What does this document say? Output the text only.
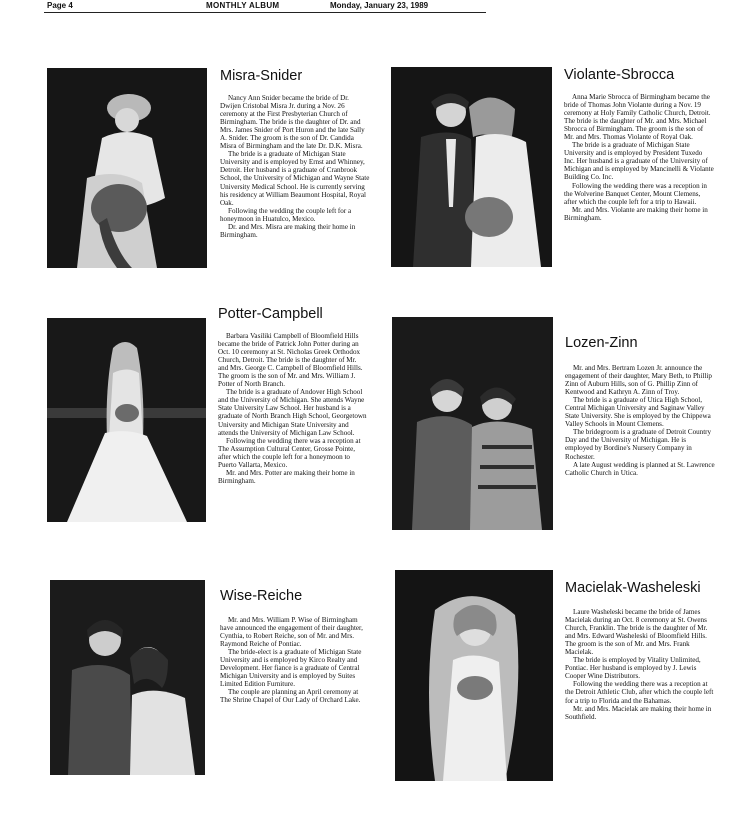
Page 4	MONTHLY ALBUM	Monday, January 23, 1989
Misra-Snider

Nancy Ann Snider became the bride of Dr. Dwijen Cristobal Misra Jr. during a Nov. 26 ceremony at the First Presbyterian Church of Birmingham. The bride is the daughter of Dr. and Mrs. James Snider of Port Huron and the late Sally A. Snider. The groom is the son of Dr. Candida Misra of Birmingham and the late Dr. D.K. Misra.

The bride is a graduate of Michigan State University and is employed by Ernst and Whinney, Detroit. Her husband is a graduate of Cranbrook School, the University of Michigan and Wayne State University Medical School. He is currently serving his residency at William Beaumont Hospital, Royal Oak.

Following the wedding the couple left for a honeymoon in Huatulco, Mexico.

Dr. and Mrs. Misra are making their home in Birmingham.

Violante-Sbrocca

Anna Marie Sbrocca of Birmingham became the bride of Thomas John Violante during a Nov. 19 ceremony at Holy Family Catholic Church, Detroit. The bride is the daughter of Mr. and Mrs. Michael Sbrocca of Birmingham. The groom is the son of Mr. and Mrs. Thomas Violante of Royal Oak.

The bride is a graduate of Michigan State University and is employed by President Tuxedo Inc. Her husband is a graduate of the University of Michigan and is employed by Mancinelli & Violante Building Co. Inc.

Following the wedding there was a reception in the Wolverine Banquet Center, Mount Clemens, after which the couple left for a trip to Hawaii.

Mr. and Mrs. Violante are making their home in Birmingham.

Potter-Campbell

Barbara Vasiliki Campbell of Bloomfield Hills became the bride of Patrick John Potter during an Oct. 10 ceremony at St. Nicholas Greek Orthodox Church, Detroit. The bride is the daughter of Mr. and Mrs. George C. Campbell of Bloomfield Hills. The groom is the son of Mr. and Mrs. William J. Potter of North Branch.

The bride is a graduate of Andover High School and the University of Michigan. She attends Wayne State University Law School. Her husband is a graduate of North Branch High School, Georgetown University and Michigan State University and attends the University of Michigan Law School.

Following the wedding there was a reception at The Assumption Cultural Center, Grosse Pointe, after which the couple left for a honeymoon to Puerto Vallarta, Mexico.

Mr. and Mrs. Potter are making their home in Birmingham.

Lozen-Zinn

Mr. and Mrs. Bertram Lozen Jr. announce the engagement of their daughter, Mary Beth, to Phillip Zinn of Auburn Hills, son of G. Phillip Zinn of Kentwood and Kathryn A. Zinn of Troy.

The bride is a graduate of Utica High School, Central Michigan University and Saginaw Valley State University. She is employed by the Chippewa Valley Schools in Mount Clemens.

The bridegroom is a graduate of Detroit Country Day and the University of Michigan. He is employed by Bordine's Nursery Company in Rochester.

A late August wedding is planned at St. Lawrence Catholic Church in Utica.

Wise-Reiche

Mr. and Mrs. William P. Wise of Birmingham have announced the engagement of their daughter, Cynthia, to Robert Reiche, son of Mr. and Mrs. Raymond Reiche of Pontiac.

The bride-elect is a graduate of Michigan State University and is employed by Kirco Realty and Development. Her fiance is a graduate of Central Michigan University and is employed by Suites Limited Edition Furniture.

The couple are planning an April ceremony at The Shrine Chapel of Our Lady of Orchard Lake.

Macielak-Washeleski

Laure Washeleski became the bride of James Macielak during an Oct. 8 ceremony at St. Owens Church, Franklin. The bride is the daughter of Mr. and Mrs. Edward Washeleski of Bloomfield Hills. The groom is the son of Mr. and Mrs. Frank Macielak.

The bride is employed by Vitality Unlimited, Pontiac. Her husband is employed by J. Lewis Cooper Wine Distributors.

Following the wedding there was a reception at the Detroit Athletic Club, after which the couple left for a trip to Florida and the Bahamas.

Mr. and Mrs. Macielak are making their home in Southfield.
